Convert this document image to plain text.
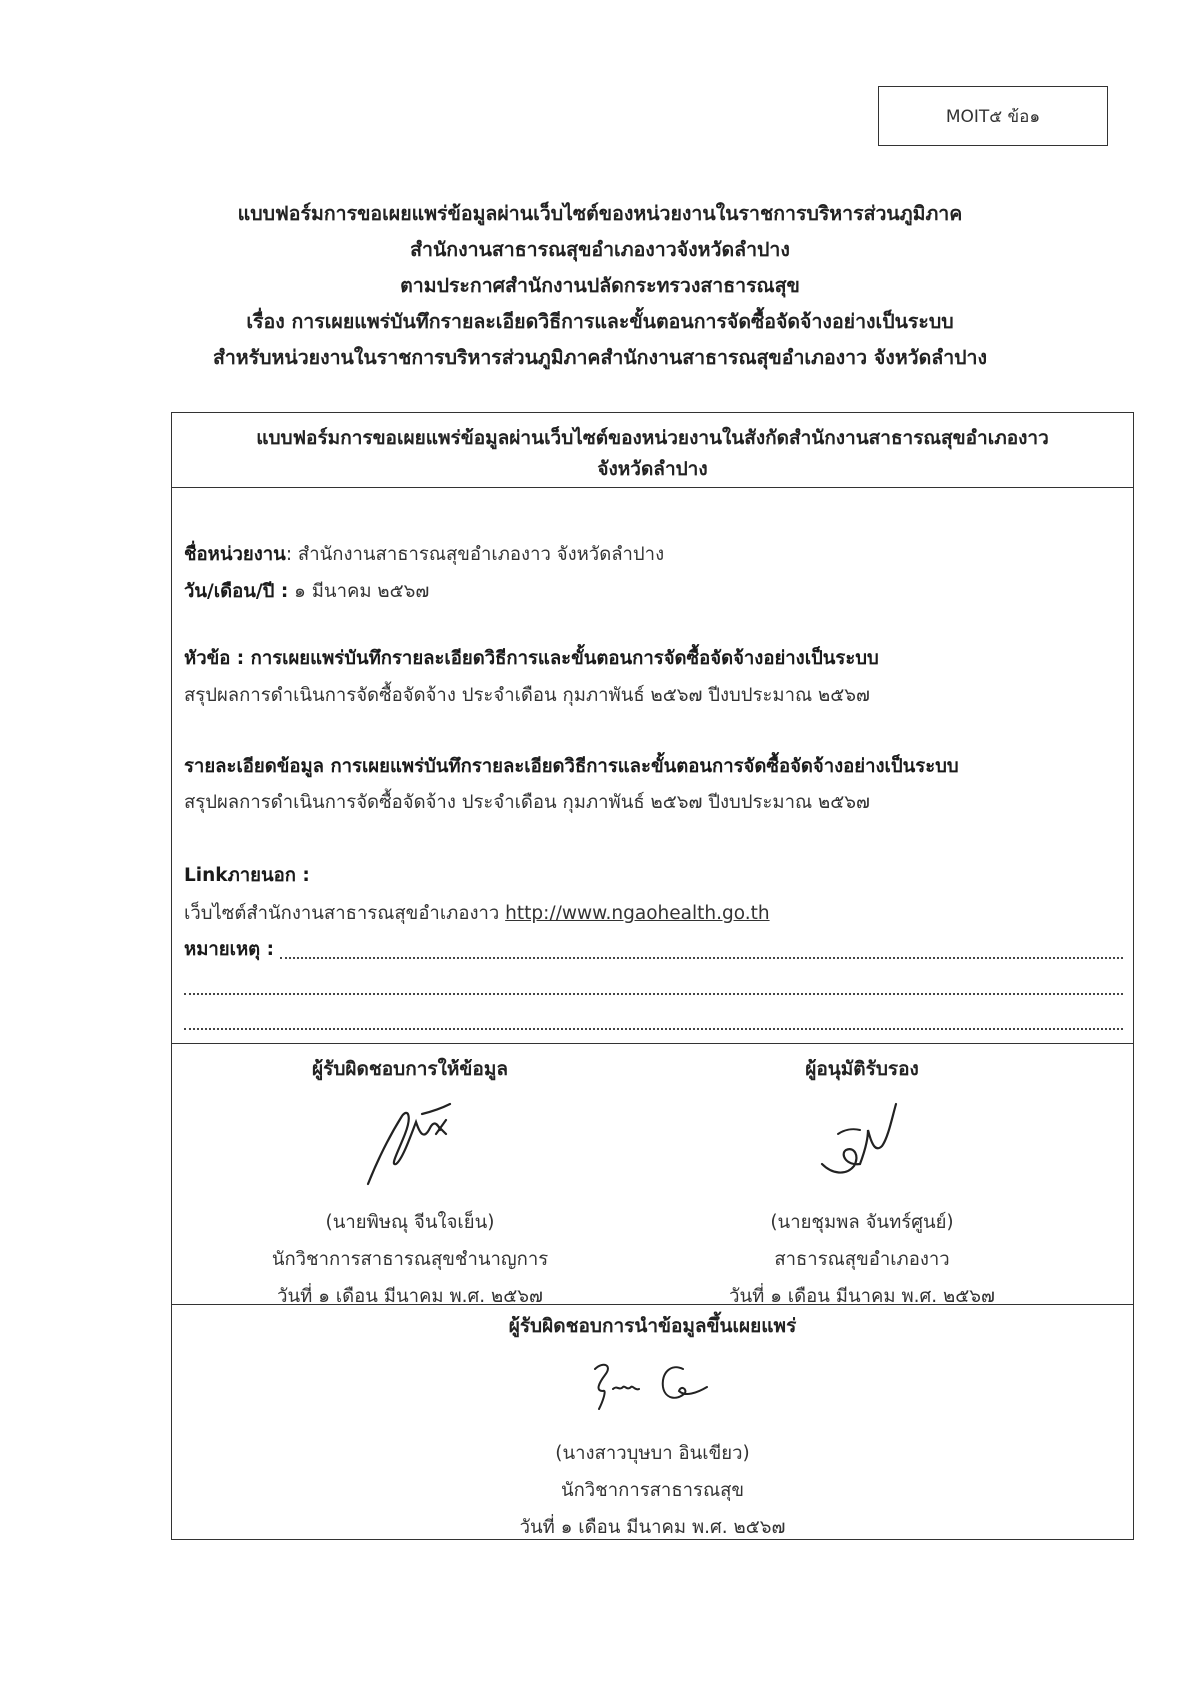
MOIT๕ ข้อ๑
แบบฟอร์มการขอเผยแพร่ข้อมูลผ่านเว็บไซต์ของหน่วยงานในราชการบริหารส่วนภูมิภาค
สำนักงานสาธารณสุขอำเภองาวจังหวัดลำปาง
ตามประกาศสำนักงานปลัดกระทรวงสาธารณสุข
เรื่อง การเผยแพร่บันทึกรายละเอียดวิธีการและขั้นตอนการจัดซื้อจัดจ้างอย่างเป็นระบบ
สำหรับหน่วยงานในราชการบริหารส่วนภูมิภาคสำนักงานสาธารณสุขอำเภองาว จังหวัดลำปาง
แบบฟอร์มการขอเผยแพร่ข้อมูลผ่านเว็บไซต์ของหน่วยงานในสังกัดสำนักงานสาธารณสุขอำเภองาว
จังหวัดลำปาง
ชื่อหน่วยงาน: สำนักงานสาธารณสุขอำเภองาว จังหวัดลำปาง
วัน/เดือน/ปี : ๑ มีนาคม ๒๕๖๗
หัวข้อ : การเผยแพร่บันทึกรายละเอียดวิธีการและขั้นตอนการจัดซื้อจัดจ้างอย่างเป็นระบบ
สรุปผลการดำเนินการจัดซื้อจัดจ้าง ประจำเดือน กุมภาพันธ์ ๒๕๖๗ ปีงบประมาณ ๒๕๖๗
รายละเอียดข้อมูล การเผยแพร่บันทึกรายละเอียดวิธีการและขั้นตอนการจัดซื้อจัดจ้างอย่างเป็นระบบ
สรุปผลการดำเนินการจัดซื้อจัดจ้าง ประจำเดือน กุมภาพันธ์ ๒๕๖๗ ปีงบประมาณ ๒๕๖๗
Linkภายนอก :
เว็บไซต์สำนักงานสาธารณสุขอำเภองาว http://www.ngaohealth.go.th
หมายเหตุ :
ผู้รับผิดชอบการให้ข้อมูล
(นายพิษณุ จีนใจเย็น)
นักวิชาการสาธารณสุขชำนาญการ
วันที่ ๑ เดือน มีนาคม พ.ศ. ๒๕๖๗
ผู้อนุมัติรับรอง
(นายชุมพล จันทร์ศูนย์)
สาธารณสุขอำเภองาว
วันที่ ๑ เดือน มีนาคม พ.ศ. ๒๕๖๗
ผู้รับผิดชอบการนำข้อมูลขึ้นเผยแพร่
(นางสาวบุษบา อินเขียว)
นักวิชาการสาธารณสุข
วันที่ ๑ เดือน มีนาคม พ.ศ. ๒๕๖๗
